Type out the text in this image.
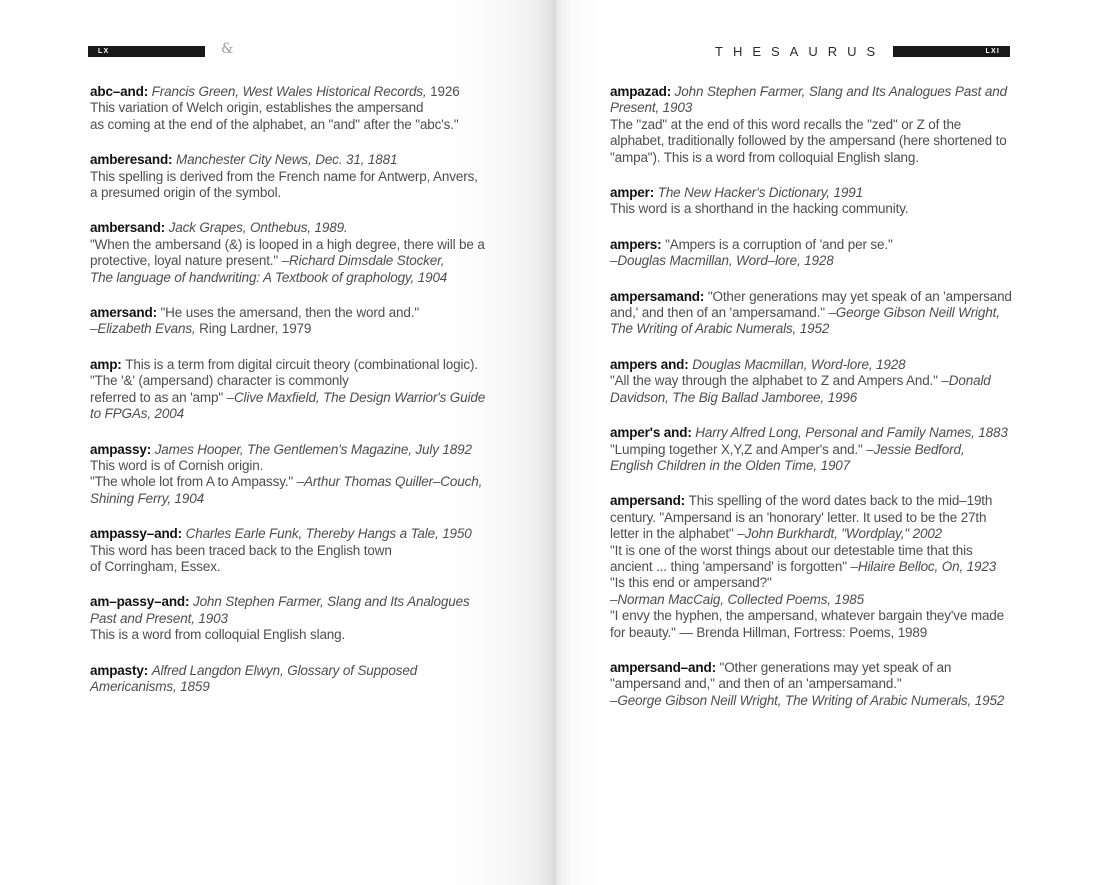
LX	&
abc–and: Francis Green, West Wales Historical Records, 1926
This variation of Welch origin, establishes the ampersand
as coming at the end of the alphabet, an "and" after the "abc's."
amberesand: Manchester City News, Dec. 31, 1881
This spelling is derived from the French name for Antwerp, Anvers,
a presumed origin of the symbol.
ambersand: Jack Grapes, Onthebus, 1989.
"When the ambersand (&) is looped in a high degree, there will be a
protective, loyal nature present." –Richard Dimsdale Stocker,
The language of handwriting: A Textbook of graphology, 1904
amersand: "He uses the amersand, then the word and."
–Elizabeth Evans, Ring Lardner, 1979
amp: This is a term from digital circuit theory (combinational logic).
"The '&' (ampersand) character is commonly
referred to as an 'amp" –Clive Maxfield, The Design Warrior's Guide
to FPGAs, 2004
ampassy: James Hooper, The Gentlemen's Magazine, July 1892
This word is of Cornish origin.
"The whole lot from A to Ampassy." –Arthur Thomas Quiller–Couch,
Shining Ferry, 1904
ampassy–and: Charles Earle Funk, Thereby Hangs a Tale, 1950
This word has been traced back to the English town
of Corringham, Essex.
am–passy–and: John Stephen Farmer, Slang and Its Analogues
Past and Present, 1903
This is a word from colloquial English slang.
ampasty: Alfred Langdon Elwyn, Glossary of Supposed
Americanisms, 1859
THESAURUS	LXI
ampazad: John Stephen Farmer, Slang and Its Analogues Past and
Present, 1903
The "zad" at the end of this word recalls the "zed" or Z of the
alphabet, traditionally followed by the ampersand (here shortened to
"ampa"). This is a word from colloquial English slang.
amper: The New Hacker's Dictionary, 1991
This word is a shorthand in the hacking community.
ampers: "Ampers is a corruption of 'and per se."
–Douglas Macmillan, Word–lore, 1928
ampersamand: "Other generations may yet speak of an 'ampersand
and,' and then of an 'ampersamand." –George Gibson Neill Wright,
The Writing of Arabic Numerals, 1952
ampers and: Douglas Macmillan, Word-lore, 1928
"All the way through the alphabet to Z and Ampers And." –Donald
Davidson, The Big Ballad Jamboree, 1996
amper's and: Harry Alfred Long, Personal and Family Names, 1883
"Lumping together X,Y,Z and Amper's and." –Jessie Bedford,
English Children in the Olden Time, 1907
ampersand: This spelling of the word dates back to the mid–19th
century. "Ampersand is an 'honorary' letter. It used to be the 27th
letter in the alphabet" –John Burkhardt, "Wordplay," 2002
"It is one of the worst things about our detestable time that this
ancient ... thing 'ampersand' is forgotten" –Hilaire Belloc, On, 1923
"Is this end or ampersand?"
–Norman MacCaig, Collected Poems, 1985
"I envy the hyphen, the ampersand, whatever bargain they've made
for beauty." — Brenda Hillman, Fortress: Poems, 1989
ampersand–and: "Other generations may yet speak of an
"ampersand and," and then of an 'ampersamand."
–George Gibson Neill Wright, The Writing of Arabic Numerals, 1952
